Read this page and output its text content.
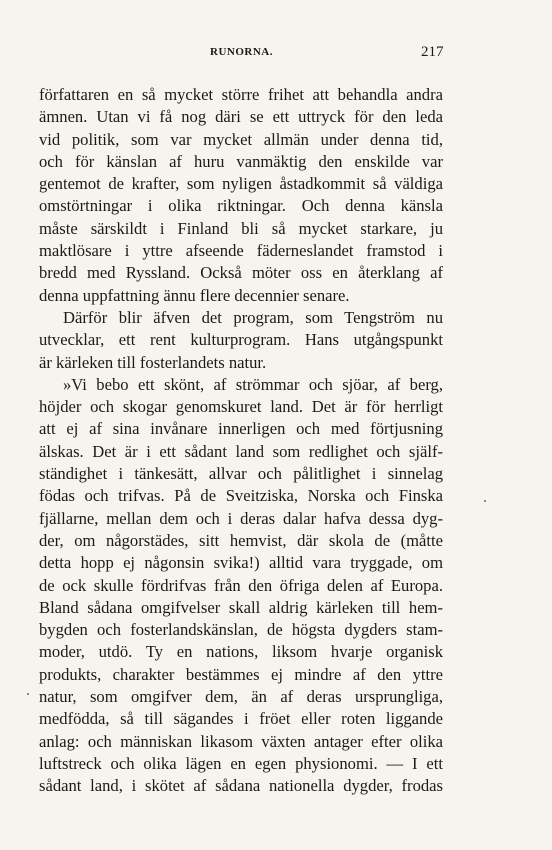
RUNORNA.	217
författaren en så mycket större frihet att behandla andra
ämnen. Utan vi få nog däri se ett uttryck för den leda
vid politik, som var mycket allmän under denna tid,
och för känslan af huru vanmäktig den enskilde var
gentemot de krafter, som nyligen åstadkommit så väldiga
omstörtningar i olika riktningar. Och denna känsla
måste särskildt i Finland bli så mycket starkare, ju
maktlösare i yttre afseende fäderneslandet framstod i
bredd med Ryssland. Också möter oss en återklang af
denna uppfattning ännu flere decennier senare.
Därför blir äfven det program, som Tengström nu
utvecklar, ett rent kulturprogram. Hans utgångspunkt
är kärleken till fosterlandets natur.
»Vi bebo ett skönt, af strömmar och sjöar, af berg,
höjder och skogar genomskuret land. Det är för herrligt
att ej af sina invånare innerligen och med förtjusning
älskas. Det är i ett sådant land som redlighet och själf-
ständighet i tänkesätt, allvar och pålitlighet i sinnelag
födas och trifvas. På de Sveitziska, Norska och Finska
fjällarne, mellan dem och i deras dalar hafva dessa dyg-
der, om någorstädes, sitt hemvist, där skola de (måtte
detta hopp ej någonsin svika!) alltid vara tryggade, om
de ock skulle fördrifvas från den öfriga delen af Europa.
Bland sådana omgifvelser skall aldrig kärleken till hem-
bygden och fosterlandskänslan, de högsta dygders stam-
moder, utdö. Ty en nations, liksom hvarje organisk
produkts, charakter bestämmes ej mindre af den yttre
natur, som omgifver dem, än af deras ursprungliga,
medfödda, så till sägandes i fröet eller roten liggande
anlag: och människan likasom växten antager efter olika
luftstreck och olika lägen en egen physionomi. — I ett
sådant land, i skötet af sådana nationella dygder, frodas
